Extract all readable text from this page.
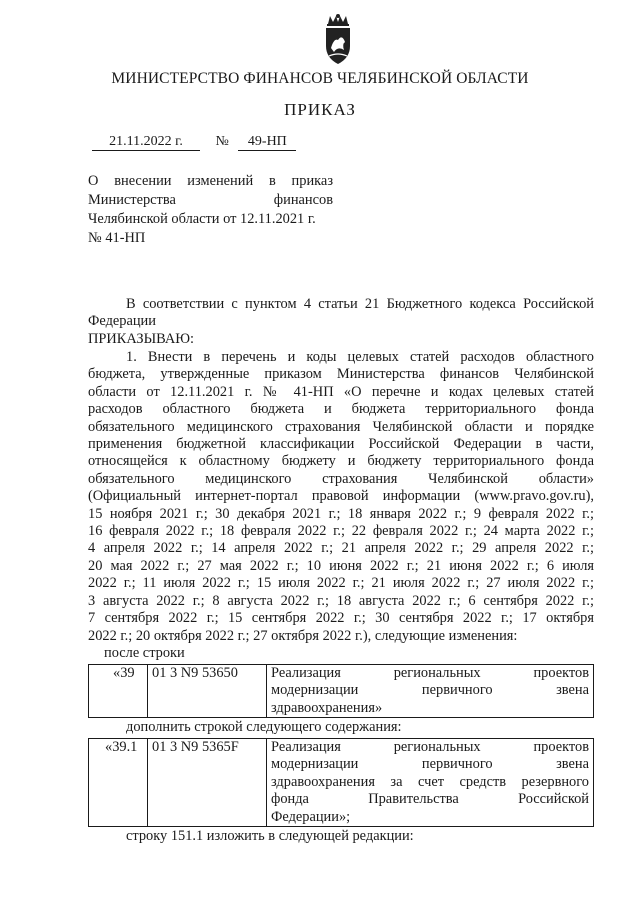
МИНИСТЕРСТВО ФИНАНСОВ ЧЕЛЯБИНСКОЙ ОБЛАСТИ
ПРИКАЗ
21.11.2022 г. № 49-НП
О внесении изменений в приказ
Министерства финансов
Челябинской области от 12.11.2021 г.
№ 41-НП
В соответствии с пунктом 4 статьи 21 Бюджетного кодекса Российской
Федерации
ПРИКАЗЫВАЮ:
1. Внести в перечень и коды целевых статей расходов областного
бюджета, утвержденные приказом Министерства финансов Челябинской
области от 12.11.2021 г. № 41-НП «О перечне и кодах целевых статей
расходов областного бюджета и бюджета территориального фонда
обязательного медицинского страхования Челябинской области и порядке
применения бюджетной классификации Российской Федерации в части,
относящейся к областному бюджету и бюджету территориального фонда
обязательного медицинского страхования Челябинской области»
(Официальный интернет-портал правовой информации (www.pravo.gov.ru),
15 ноября 2021 г.; 30 декабря 2021 г.; 18 января 2022 г.; 9 февраля 2022 г.;
16 февраля 2022 г.; 18 февраля 2022 г.; 22 февраля 2022 г.; 24 марта 2022 г.;
4 апреля 2022 г.; 14 апреля 2022 г.; 21 апреля 2022 г.; 29 апреля 2022 г.;
20 мая 2022 г.; 27 мая 2022 г.; 10 июня 2022 г.; 21 июня 2022 г.; 6 июля
2022 г.; 11 июля 2022 г.; 15 июля 2022 г.; 21 июля 2022 г.; 27 июля 2022 г.;
3 августа 2022 г.; 8 августа 2022 г.; 18 августа 2022 г.; 6 сентября 2022 г.;
7 сентября 2022 г.; 15 сентября 2022 г.; 30 сентября 2022 г.; 17 октября
2022 г.; 20 октября 2022 г.; 27 октября 2022 г.), следующие изменения:
после строки
«39	01 3 N9 53650	Реализация региональных проектов
модернизации первичного звена
здравоохранения»
дополнить строкой следующего содержания:
«39.1	01 3 N9 5365F	Реализация региональных проектов
модернизации первичного звена
здравоохранения за счет средств резервного
фонда Правительства Российской
Федерации»;
строку 151.1 изложить в следующей редакции:
